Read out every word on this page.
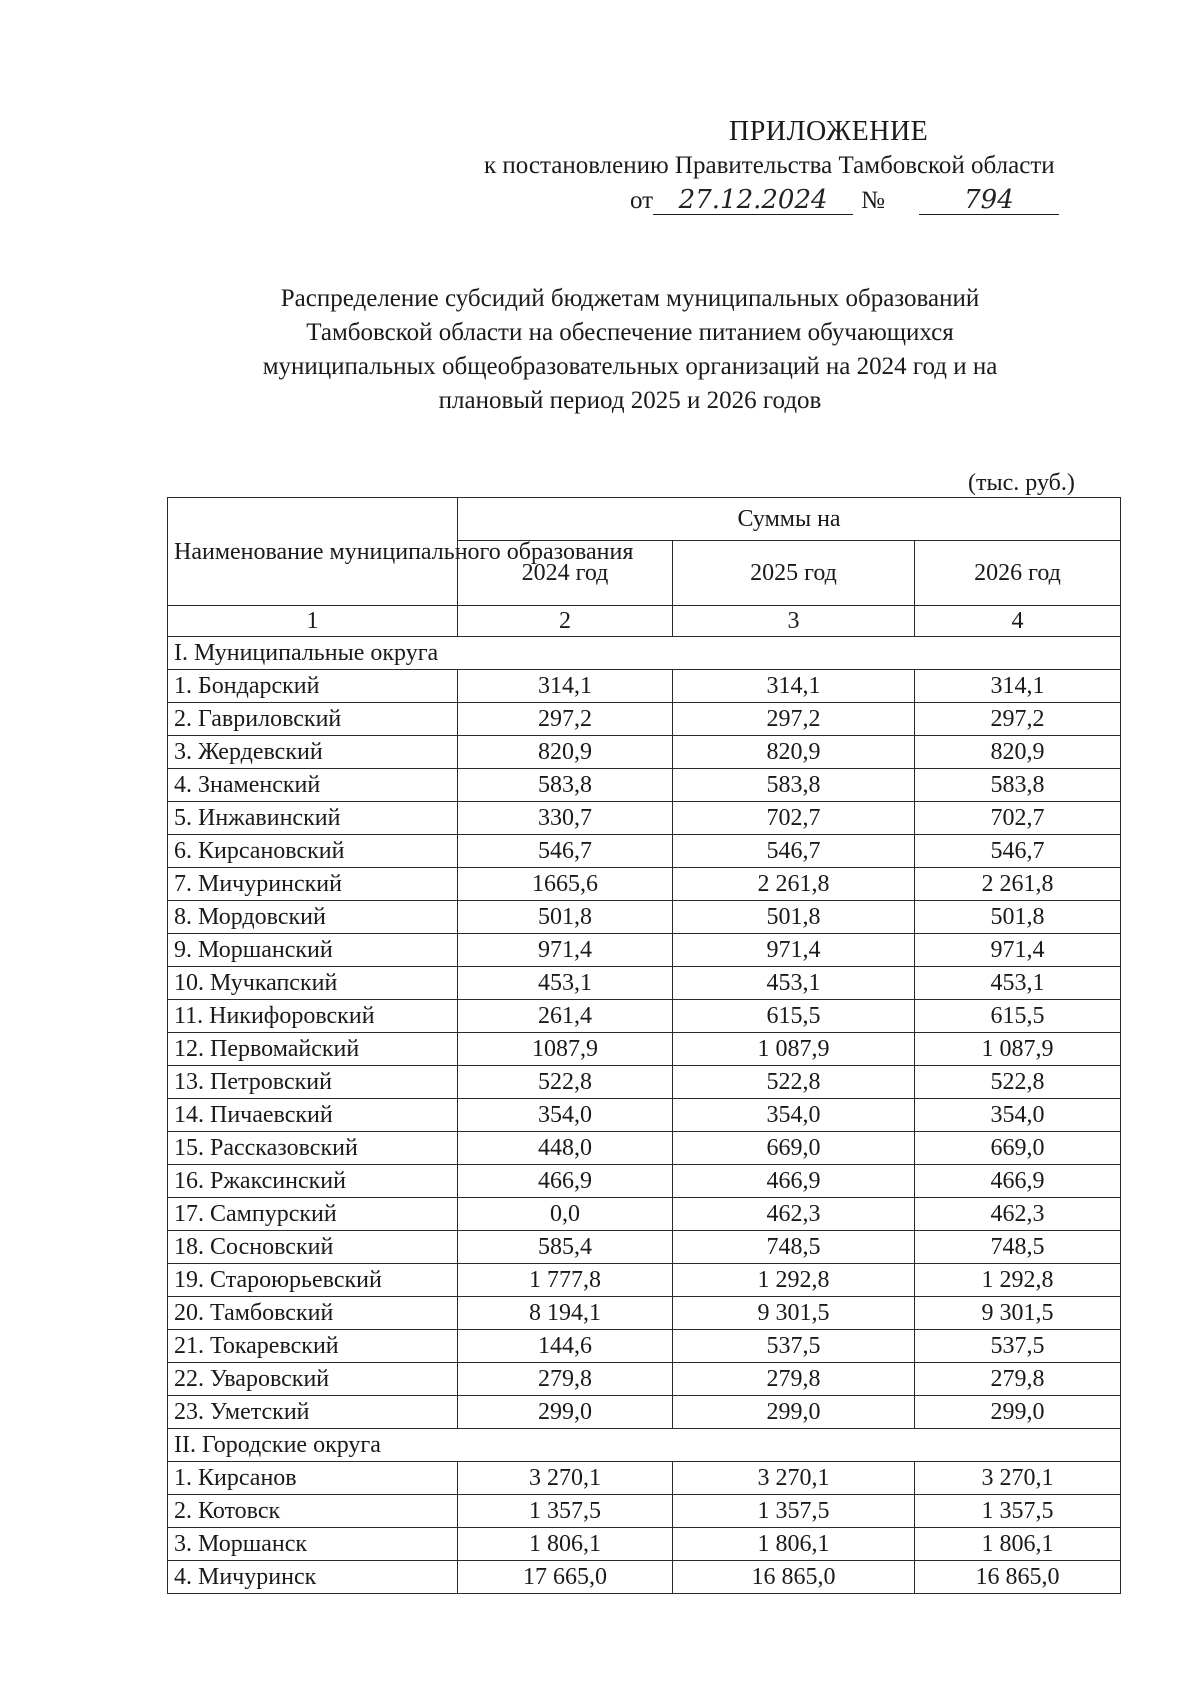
ПРИЛОЖЕНИЕ
к постановлению Правительства Тамбовской области
от 27.12.2024	№	794
Распределение субсидий бюджетам муниципальных образований
Тамбовской области на обеспечение питанием обучающихся
муниципальных общеобразовательных организаций на 2024 год и на
плановый период 2025 и 2026 годов
(тыс. руб.)
Наименование муниципального образования	Суммы на		
	2024 год	2025 год	2026 год
1	2	3	4
I. Муниципальные округа			
1. Бондарский	314,1	314,1	314,1
2. Гавриловский	297,2	297,2	297,2
3. Жердевский	820,9	820,9	820,9
4. Знаменский	583,8	583,8	583,8
5. Инжавинский	330,7	702,7	702,7
6. Кирсановский	546,7	546,7	546,7
7. Мичуринский	1665,6	2 261,8	2 261,8
8. Мордовский	501,8	501,8	501,8
9. Моршанский	971,4	971,4	971,4
10. Мучкапский	453,1	453,1	453,1
11. Никифоровский	261,4	615,5	615,5
12. Первомайский	1087,9	1 087,9	1 087,9
13. Петровский	522,8	522,8	522,8
14. Пичаевский	354,0	354,0	354,0
15. Рассказовский	448,0	669,0	669,0
16. Ржаксинский	466,9	466,9	466,9
17. Сампурский	0,0	462,3	462,3
18. Сосновский	585,4	748,5	748,5
19. Староюрьевский	1 777,8	1 292,8	1 292,8
20. Тамбовский	8 194,1	9 301,5	9 301,5
21. Токаревский	144,6	537,5	537,5
22. Уваровский	279,8	279,8	279,8
23. Уметский	299,0	299,0	299,0
II. Городские округа			
1. Кирсанов	3 270,1	3 270,1	3 270,1
2. Котовск	1 357,5	1 357,5	1 357,5
3. Моршанск	1 806,1	1 806,1	1 806,1
4. Мичуринск	17 665,0	16 865,0	16 865,0
